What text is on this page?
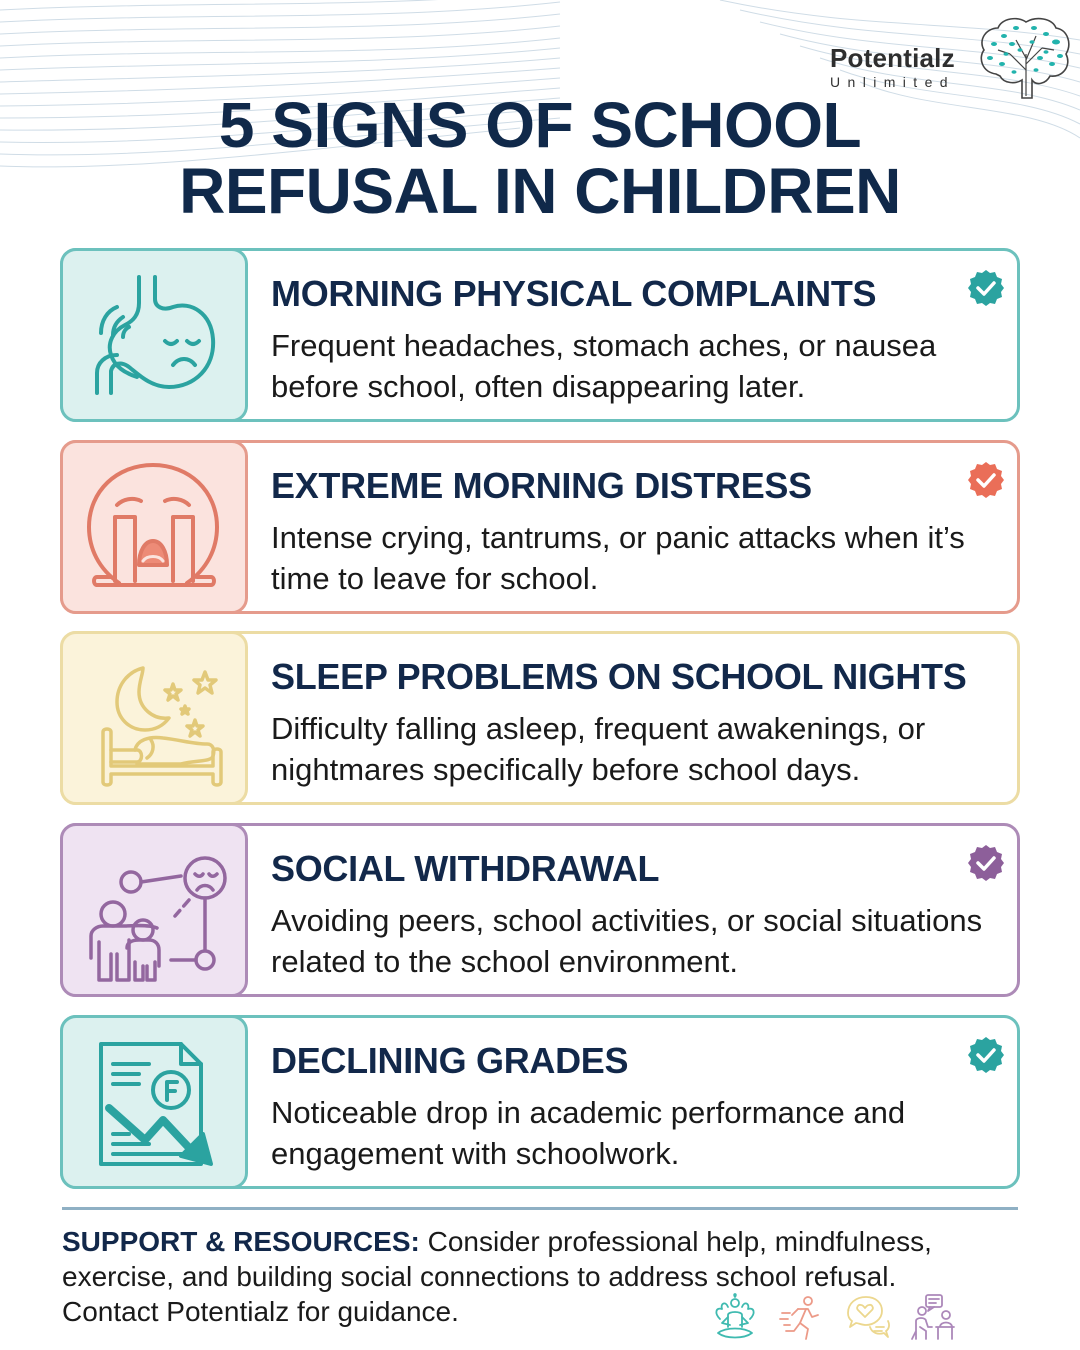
Potentialz
Unlimited
5 SIGNS OF SCHOOL
REFUSAL IN CHILDREN
MORNING PHYSICAL COMPLAINTS
Frequent headaches, stomach aches, or nausea before school, often disappearing later.
EXTREME MORNING DISTRESS
Intense crying, tantrums, or panic attacks when it’s time to leave for school.
SLEEP PROBLEMS ON SCHOOL NIGHTS
Difficulty falling asleep, frequent awakenings, or nightmares specifically before school days.
SOCIAL WITHDRAWAL
Avoiding peers, school activities, or social situations related to the school environment.
DECLINING GRADES
Noticeable drop in academic performance and engagement with schoolwork.

SUPPORT & RESOURCES: Consider professional help, mindfulness, exercise, and building social connections to address school refusal. Contact Potentialz for guidance.
